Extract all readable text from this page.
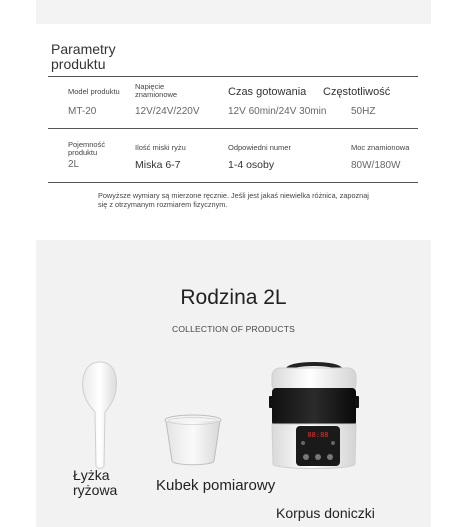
Parametry
produktu
Model produktu
MT-20
Napięcie
znamionowe
12V/24V/220V
Czas gotowania
12V 60min/24V 30min
Częstotliwość
50HZ
Pojemność
produktu
2L
Ilość miski ryżu
Miska 6-7
Odpowiedni numer
1-4 osoby
Moc znamionowa
80W/180W
Powyższe wymiary są mierzone ręcznie. Jeśli jest jakaś niewielka różnica, zapoznaj
się z otrzymanym rozmiarem fizycznym.
Rodzina 2L
COLLECTION OF PRODUCTS
Łyżka
ryżowa	Kubek pomiarowy
88:88
Korpus doniczki
